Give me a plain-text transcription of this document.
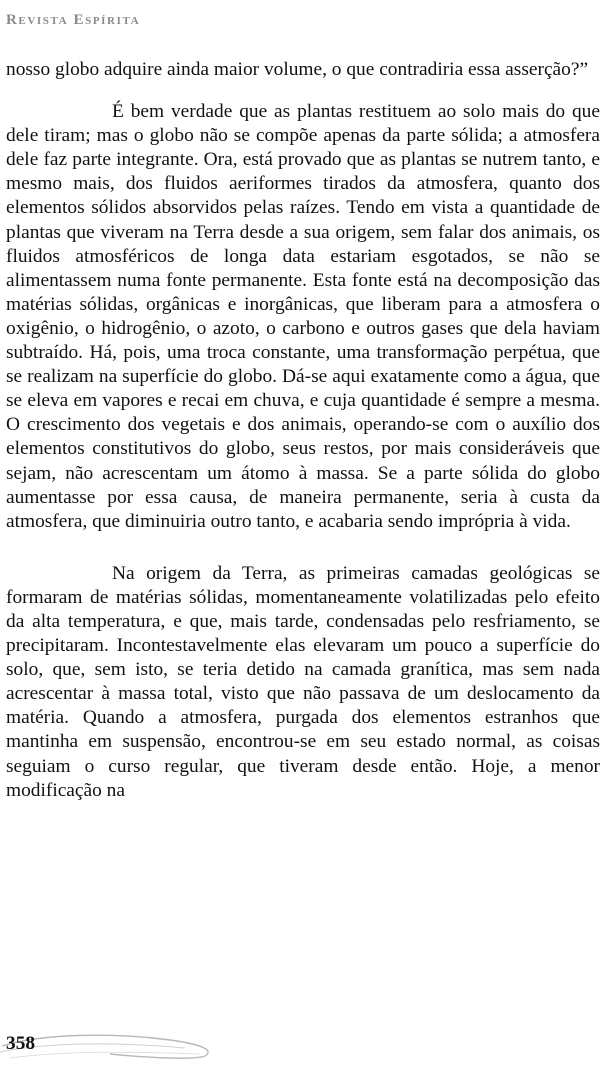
Revista Espírita

nosso globo adquire ainda maior volume, o que contradiria essa asserção?”

É bem verdade que as plantas restituem ao solo mais do que dele tiram; mas o globo não se compõe apenas da parte sólida; a atmosfera dele faz parte integrante. Ora, está provado que as plantas se nutrem tanto, e mesmo mais, dos fluidos aeriformes tirados da atmosfera, quanto dos elementos sólidos absorvidos pelas raízes. Tendo em vista a quantidade de plantas que viveram na Terra desde a sua origem, sem falar dos animais, os fluidos atmosféricos de longa data estariam esgotados, se não se alimentassem numa fonte permanente. Esta fonte está na decomposição das matérias sólidas, orgânicas e inorgânicas, que liberam para a atmosfera o oxigênio, o hidrogênio, o azoto, o carbono e outros gases que dela haviam subtraído. Há, pois, uma troca constante, uma transformação perpétua, que se realizam na superfície do globo. Dá-se aqui exatamente como a água, que se eleva em vapores e recai em chuva, e cuja quantidade é sempre a mesma. O crescimento dos vegetais e dos animais, operando-se com o auxílio dos elementos constitutivos do globo, seus restos, por mais consideráveis que sejam, não acrescentam um átomo à massa. Se a parte sólida do globo aumentasse por essa causa, de maneira permanente, seria à custa da atmosfera, que diminuiria outro tanto, e acabaria sendo imprópria à vida.

Na origem da Terra, as primeiras camadas geológicas se formaram de matérias sólidas, momentaneamente volatilizadas pelo efeito da alta temperatura, e que, mais tarde, condensadas pelo resfriamento, se precipitaram. Incontestavelmente elas elevaram um pouco a superfície do solo, que, sem isto, se teria detido na camada granítica, mas sem nada acrescentar à massa total, visto que não passava de um deslocamento da matéria. Quando a atmosfera, purgada dos elementos estranhos que mantinha em suspensão, encontrou-se em seu estado normal, as coisas seguiam o curso regular, que tiveram desde então. Hoje, a menor modificação na

358
